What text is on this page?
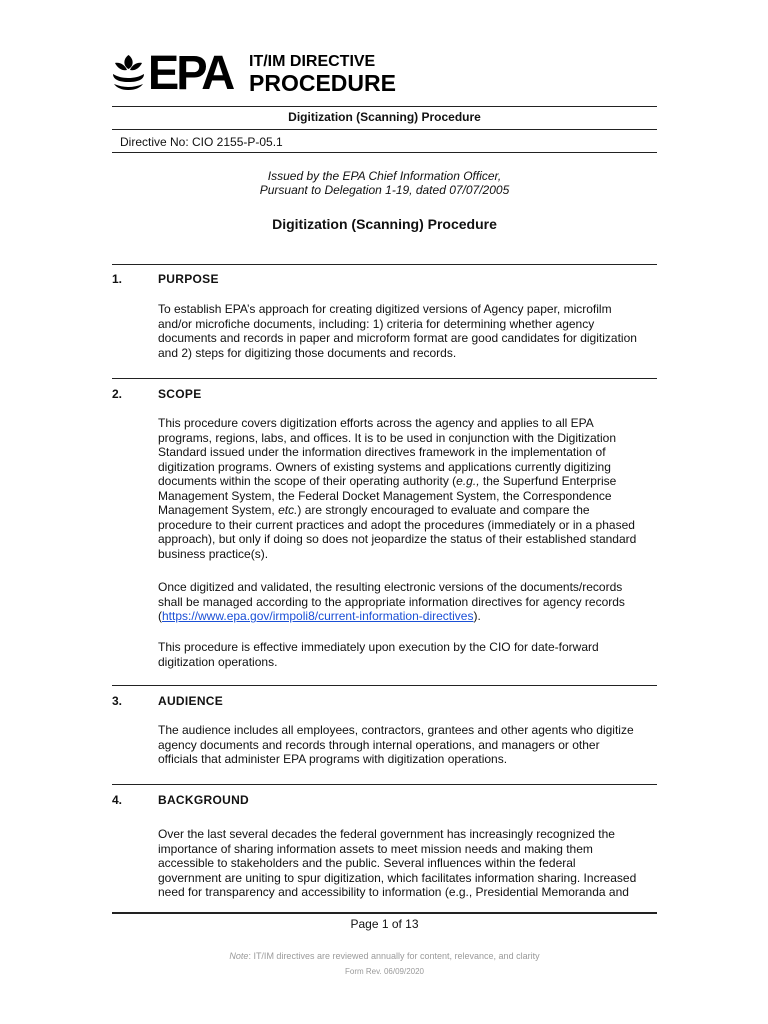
EPA IT/IM DIRECTIVE
PROCEDURE
Digitization (Scanning) Procedure
Directive No: CIO 2155-P-05.1
Issued by the EPA Chief Information Officer,
Pursuant to Delegation 1-19, dated 07/07/2005
Digitization (Scanning) Procedure
1.	PURPOSE
To establish EPA’s approach for creating digitized versions of Agency paper, microfilm
and/or microfiche documents, including: 1) criteria for determining whether agency
documents and records in paper and microform format are good candidates for digitization
and 2) steps for digitizing those documents and records.
2.	SCOPE
This procedure covers digitization efforts across the agency and applies to all EPA
programs, regions, labs, and offices. It is to be used in conjunction with the Digitization
Standard issued under the information directives framework in the implementation of
digitization programs. Owners of existing systems and applications currently digitizing
documents within the scope of their operating authority (e.g., the Superfund Enterprise
Management System, the Federal Docket Management System, the Correspondence
Management System, etc.) are strongly encouraged to evaluate and compare the
procedure to their current practices and adopt the procedures (immediately or in a phased
approach), but only if doing so does not jeopardize the status of their established standard
business practice(s).
Once digitized and validated, the resulting electronic versions of the documents/records
shall be managed according to the appropriate information directives for agency records
(https://www.epa.gov/irmpoli8/current-information-directives).
This procedure is effective immediately upon execution by the CIO for date-forward
digitization operations.
3.	AUDIENCE
The audience includes all employees, contractors, grantees and other agents who digitize
agency documents and records through internal operations, and managers or other
officials that administer EPA programs with digitization operations.
4.	BACKGROUND
Over the last several decades the federal government has increasingly recognized the
importance of sharing information assets to meet mission needs and making them
accessible to stakeholders and the public. Several influences within the federal
government are uniting to spur digitization, which facilitates information sharing. Increased
need for transparency and accessibility to information (e.g., Presidential Memoranda and
Page 1 of 13
Note: IT/IM directives are reviewed annually for content, relevance, and clarity
Form Rev. 06/09/2020
